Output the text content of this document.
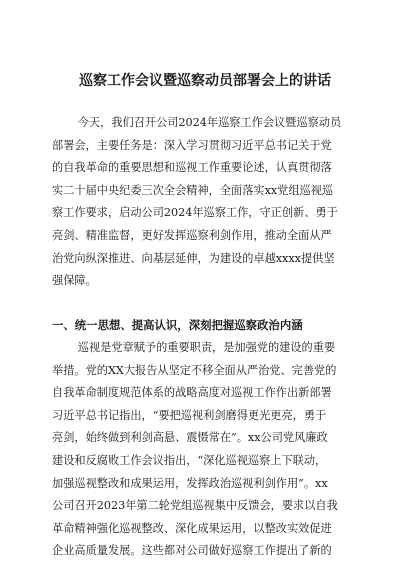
巡察工作会议暨巡察动员部署会上的讲话
今天，我们召开公司2024年巡察工作会议暨巡察动员
部署会，主要任务是：深入学习贯彻习近平总书记关于党
的自我革命的重要思想和巡视工作重要论述，认真贯彻落
实二十届中央纪委三次全会精神，全面落实xx党组巡视巡
察工作要求，启动公司2024年巡察工作，守正创新、勇于
亮剑、精准监督，更好发挥巡察利剑作用，推动全面从严
治党向纵深推进、向基层延伸，为建设的卓越xxxx提供坚
强保障。
一、统一思想、提高认识，深刻把握巡察政治内涵
巡视是党章赋予的重要职责，是加强党的建设的重要
举措。党的XX大报告从坚定不移全面从严治党、完善党的
自我革命制度规范体系的战略高度对巡视工作作出新部署
习近平总书记指出，“要把巡视利剑磨得更光更亮，勇于
亮剑，始终做到利剑高悬、震慑常在”。xx公司党风廉政
建设和反腐败工作会议指出，“深化巡视巡察上下联动，
加强巡视整改和成果运用，发挥政治巡视利剑作用”。xx
公司召开2023年第二轮党组巡视集中反馈会，要求以自我
革命精神强化巡视整改、深化成果运用，以整改实效促进
企业高质量发展。这些都对公司做好巡察工作提出了新的
